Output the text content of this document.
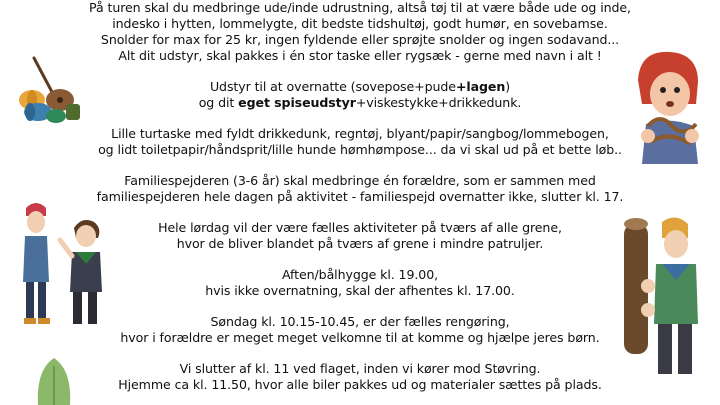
På turen skal du medbringe ude/inde udrustning, altså tøj til at være både ude og inde,
indesko i hytten, lommelygte, dit bedste tidshultøj, godt humør, en sovebamse.
Snolder for max for 25 kr, ingen fyldende eller sprøjte snolder og ingen sodavand...
Alt dit udstyr, skal pakkes i én stor taske eller rygsæk - gerne med navn i alt !
Udstyr til at overnatte (sovepose+pude+lagen)
og dit eget spiseudstyr+viskestykke+drikkedunk.
Lille turtaske med fyldt drikkedunk, regntøj, blyant/papir/sangbog/lommebogen,
og lidt toiletpapir/håndsprit/lille hunde hømhømpose... da vi skal ud på et bette løb..
Familiespejderen (3-6 år) skal medbringe én forældre, som er sammen med
familiespejderen hele dagen på aktivitet - familiespejd overnatter ikke, slutter kl. 17.
Hele lørdag vil der være fælles aktiviteter på tværs af alle grene,
hvor de bliver blandet på tværs af grene i mindre patruljer.
Aften/bålhygge kl. 19.00,
hvis ikke overnatning, skal der afhentes kl. 17.00.
Søndag kl. 10.15-10.45, er der fælles rengøring,
hvor i forældre er meget meget velkomne til at komme og hjælpe jeres børn.
Vi slutter af kl. 11 ved flaget, inden vi kører mod Støvring.
Hjemme ca kl. 11.50, hvor alle biler pakkes ud og materialer sættes på plads.
